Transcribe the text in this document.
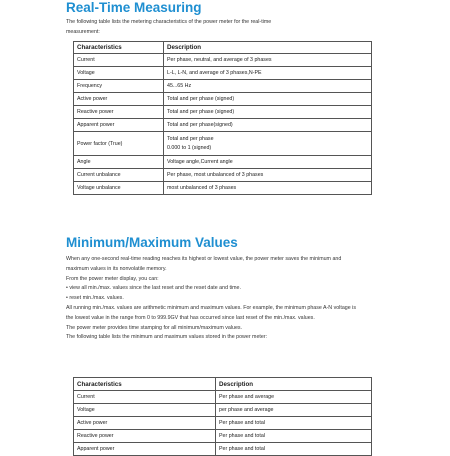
Real-Time Measuring

The following table lists the metering characteristics of the power meter for the real-time

measurement:

Characteristics	Description
Current	Per phase, neutral, and average of 3 phases
Voltage	L-L, L-N, and average of 3 phases,N-PE
Frequency	45...65 Hz
Active power	Total and per phase (signed)
Reactive power	Total and per phase (signed)
Apparent power	Total and per phase(signed)
Power factor (True)	Total and per phase
0.000 to 1 (signed)

Angle	Voltage angle,Current angle
Current unbalance	Per phase, most unbalanced of 3 phases
Voltage unbalance	most unbalanced of 3 phases
Minimum/Maximum Values

When any one-second real-time reading reaches its highest or lowest value, the power meter saves the minimum and

maximum values in its nonvolatile memory.

From the power meter display, you can:

• view all min./max. values since the last reset and the reset date and time.

• reset min./max. values.

All running min./max. values are arithmetic minimum and maximum values. For example, the minimum phase A-N voltage is

the lowest value in the range from 0 to 999.9GV that has occurred since last reset of the min./max. values.

The power meter provides time stamping for all minimum/maximum values.

The following table lists the minimum and maximum values stored in the power meter:

Characteristics	Description
Current	Per phase and average
Voltage	per phase and average
Active power	Per phase and total
Reactive power	Per phase and total
Apparent power	Per phase and total
